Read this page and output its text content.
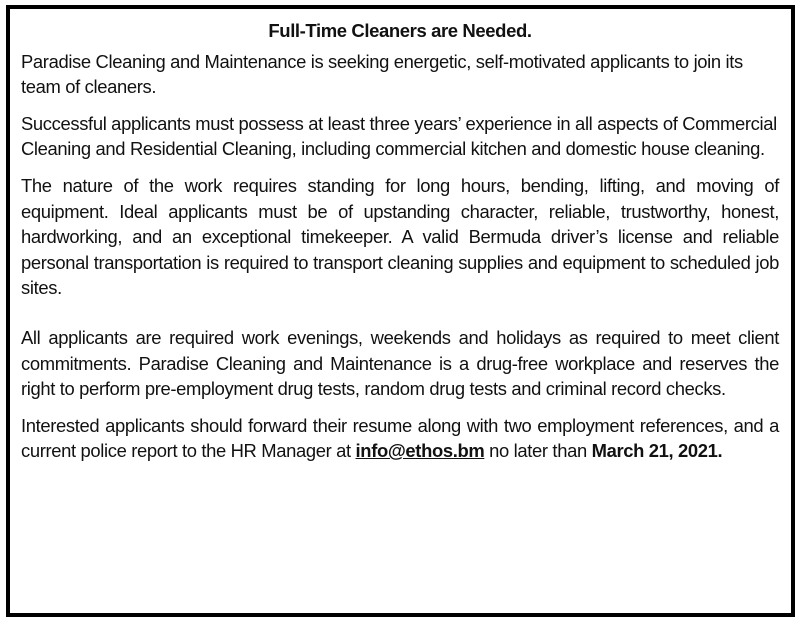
Full-Time Cleaners are Needed.

Paradise Cleaning and Maintenance is seeking energetic, self-motivated applicants to join its team of cleaners.

Successful applicants must possess at least three years’ experience in all aspects of Commercial Cleaning and Residential Cleaning, including commercial kitchen and domestic house cleaning.

The nature of the work requires standing for long hours, bending, lifting, and moving of equipment. Ideal applicants must be of upstanding character, reliable, trustworthy, honest, hardworking, and an exceptional timekeeper. A valid Bermuda driver’s license and reliable personal transportation is required to transport cleaning supplies and equipment to scheduled job sites.

All applicants are required work evenings, weekends and holidays as required to meet client commitments. Paradise Cleaning and Maintenance is a drug-free workplace and reserves the right to perform pre-employment drug tests, random drug tests and criminal record checks.

Interested applicants should forward their resume along with two employment references, and a current police report to the HR Manager at info@ethos.bm no later than March 21, 2021.
